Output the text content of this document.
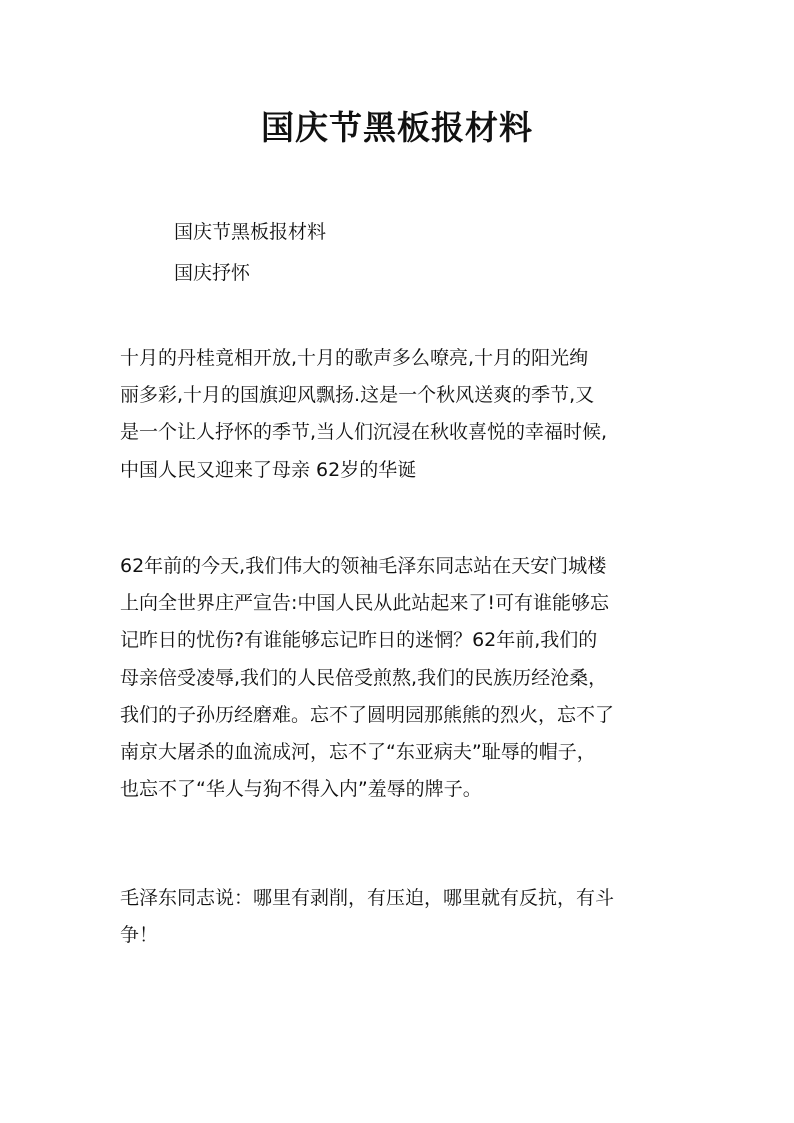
国庆节黑板报材料

国庆节黑板报材料

国庆抒怀

十月的丹桂竟相开放,十月的歌声多么嘹亮,十月的阳光绚
丽多彩,十月的国旗迎风飘扬.这是一个秋风送爽的季节,又
是一个让人抒怀的季节,当人们沉浸在秋收喜悦的幸福时候,
中国人民又迎来了母亲 62岁的华诞

62年前的今天,我们伟大的领袖毛泽东同志站在天安门城楼
上向全世界庄严宣告:中国人民从此站起来了!可有谁能够忘
记昨日的忧伤?有谁能够忘记昨日的迷惘？62年前,我们的
母亲倍受凌辱,我们的人民倍受煎熬,我们的民族历经沧桑，
我们的子孙历经磨难。忘不了圆明园那熊熊的烈火，忘不了
南京大屠杀的血流成河，忘不了“东亚病夫”耻辱的帽子，
也忘不了“华人与狗不得入内”羞辱的牌子。

毛泽东同志说：哪里有剥削，有压迫，哪里就有反抗，有斗
争！
